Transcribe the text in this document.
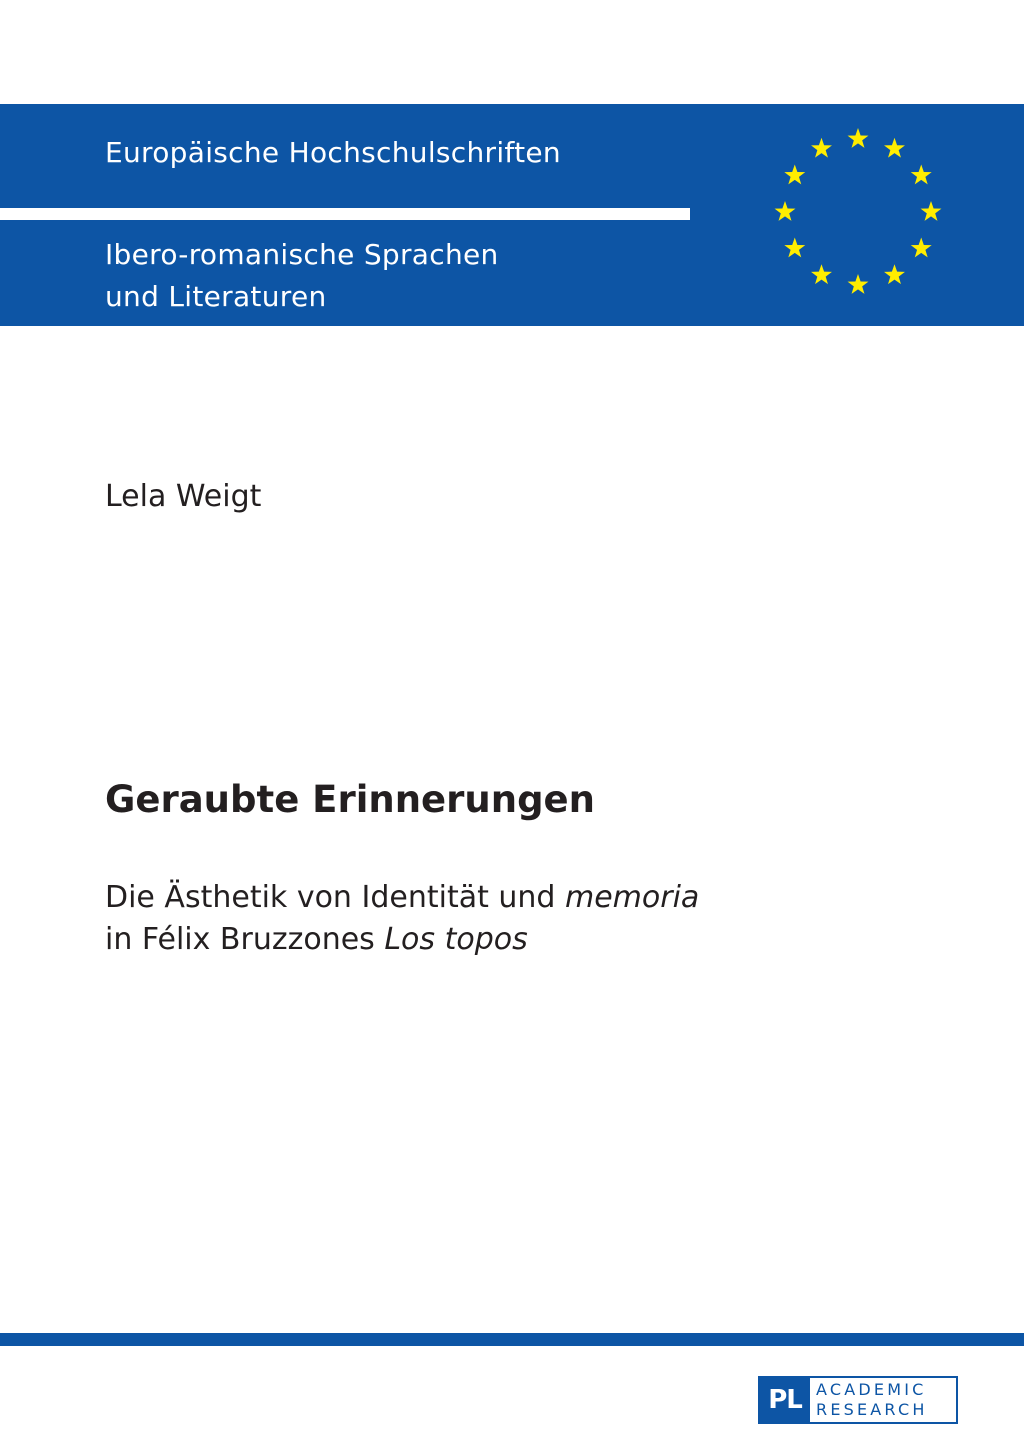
Europäische Hochschulschriften
Ibero-romanische Sprachen
und Literaturen
Lela Weigt
Geraubte Erinnerungen
Die Ästhetik von Identität und memoria
in Félix Bruzzones Los topos
PL ACADEMIC
RESEARCH
